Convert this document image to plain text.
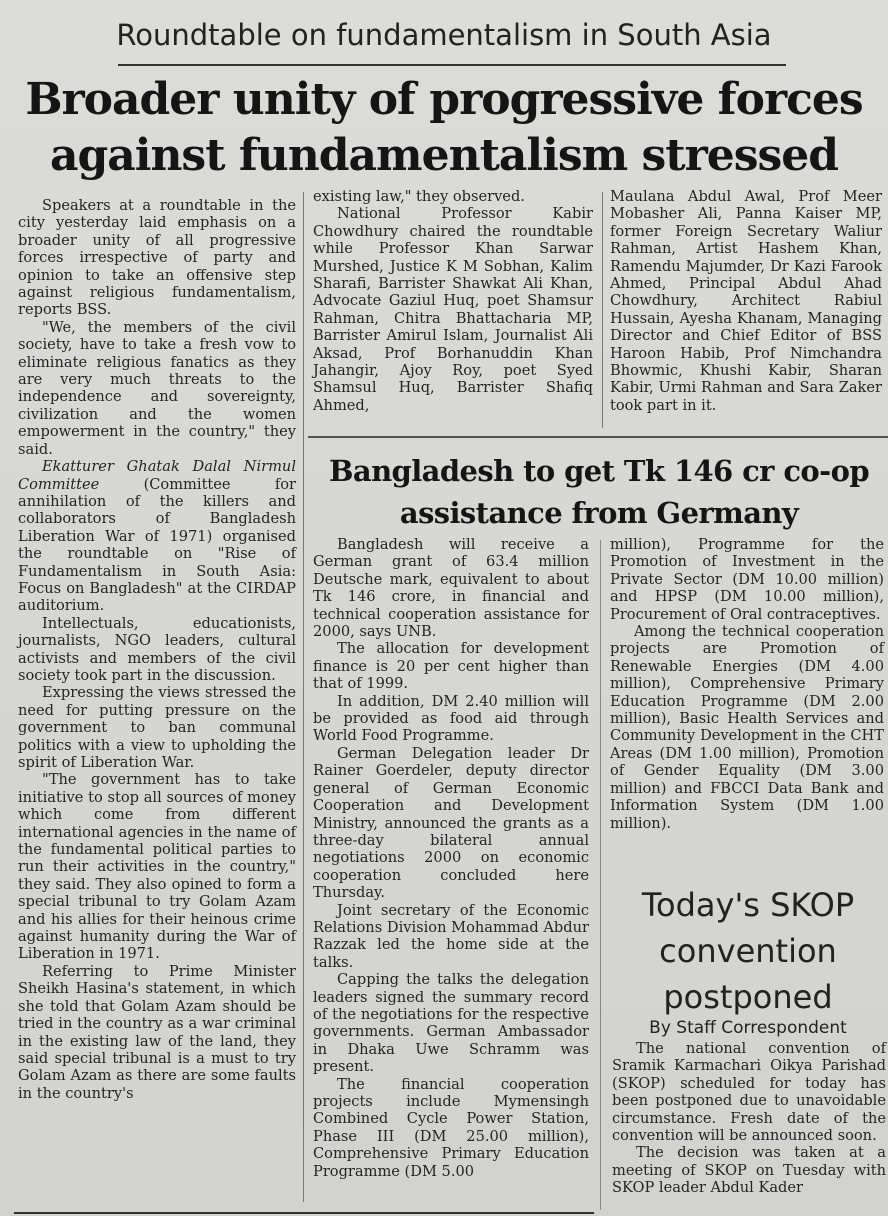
Roundtable on fundamentalism in South Asia
Broader unity of progressive forces
against fundamentalism stressed

Speakers at a roundtable in the city yesterday laid emphasis on a broader unity of all progressive forces irrespective of party and opinion to take an offensive step against religious fundamentalism, reports BSS.

"We, the members of the civil society, have to take a fresh vow to eliminate religious fanatics as they are very much threats to the independence and sovereignty, civilization and the women empowerment in the country," they said.

Ekatturer Ghatak Dalal Nirmul Committee (Committee for annihilation of the killers and collaborators of Bangladesh Liberation War of 1971) organised the roundtable on "Rise of Fundamentalism in South Asia: Focus on Bangladesh" at the CIRDAP auditorium.

Intellectuals, educationists, journalists, NGO leaders, cultural activists and members of the civil society took part in the discussion.

Expressing the views stressed the need for putting pressure on the government to ban communal politics with a view to upholding the spirit of Liberation War.

"The government has to take initiative to stop all sources of money which come from different international agencies in the name of the fundamental political parties to run their activities in the country," they said. They also opined to form a special tribunal to try Golam Azam and his allies for their heinous crime against humanity during the War of Liberation in 1971.

Referring to Prime Minister Sheikh Hasina's statement, in which she told that Golam Azam should be tried in the country as a war criminal in the existing law of the land, they said special tribunal is a must to try Golam Azam as there are some faults in the country's

existing law," they observed.

National Professor Kabir Chowdhury chaired the roundtable while Professor Khan Sarwar Murshed, Justice K M Sobhan, Kalim Sharafi, Barrister Shawkat Ali Khan, Advocate Gaziul Huq, poet Shamsur Rahman, Chitra Bhattacharia MP, Barrister Amirul Islam, Journalist Ali Aksad, Prof Borhanuddin Khan Jahangir, Ajoy Roy, poet Syed Shamsul Huq, Barrister Shafiq Ahmed,

Maulana Abdul Awal, Prof Meer Mobasher Ali, Panna Kaiser MP, former Foreign Secretary Waliur Rahman, Artist Hashem Khan, Ramendu Majumder, Dr Kazi Farook Ahmed, Principal Abdul Ahad Chowdhury, Architect Rabiul Hussain, Ayesha Khanam, Managing Director and Chief Editor of BSS Haroon Habib, Prof Nimchandra Bhowmic, Khushi Kabir, Sharan Kabir, Urmi Rahman and Sara Zaker took part in it.

Bangladesh to get Tk 146 cr co-op
assistance from Germany

Bangladesh will receive a German grant of 63.4 million Deutsche mark, equivalent to about Tk 146 crore, in financial and technical cooperation assistance for 2000, says UNB.

The allocation for development finance is 20 per cent higher than that of 1999.

In addition, DM 2.40 million will be provided as food aid through World Food Programme.

German Delegation leader Dr Rainer Goerdeler, deputy director general of German Economic Cooperation and Development Ministry, announced the grants as a three-day bilateral annual negotiations 2000 on economic cooperation concluded here Thursday.

Joint secretary of the Economic Relations Division Mohammad Abdur Razzak led the home side at the talks.

Capping the talks the delegation leaders signed the summary record of the negotiations for the respective governments. German Ambassador in Dhaka Uwe Schramm was present.

The financial cooperation projects include Mymensingh Combined Cycle Power Station, Phase III (DM 25.00 million), Comprehensive Primary Education Programme (DM 5.00

million), Programme for the Promotion of Investment in the Private Sector (DM 10.00 million) and HPSP (DM 10.00 million), Procurement of Oral contraceptives.

Among the technical cooperation projects are Promotion of Renewable Energies (DM 4.00 million), Comprehensive Primary Education Programme (DM 2.00 million), Basic Health Services and Community Development in the CHT Areas (DM 1.00 million), Promotion of Gender Equality (DM 3.00 million) and FBCCI Data Bank and Information System (DM 1.00 million).

Today's SKOP
convention
postponed
By Staff Correspondent

The national convention of Sramik Karmachari Oikya Parishad (SKOP) scheduled for today has been postponed due to unavoidable circumstance. Fresh date of the convention will be announced soon.

The decision was taken at a meeting of SKOP on Tuesday with SKOP leader Abdul Kader
